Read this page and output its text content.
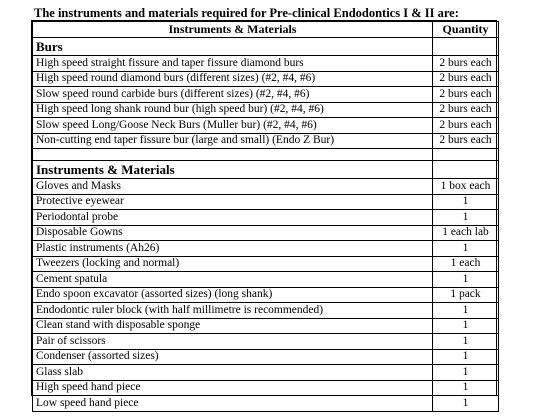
The instruments and materials required for Pre-clinical Endodontics I & II are:
Instruments & Materials	Quantity
Burs	
High speed straight fissure and taper fissure diamond burs	2 burs each
High speed round diamond burs (different sizes) (#2, #4, #6)	2 burs each
Slow speed round carbide burs (different sizes) (#2, #4, #6)	2 burs each
High speed long shank round bur (high speed bur) (#2, #4, #6)	2 burs each
Slow speed Long/Goose Neck Burs (Muller bur) (#2, #4, #6)	2 burs each
Non-cutting end taper fissure bur (large and small) (Endo Z Bur)	2 burs each

Instruments & Materials	
Gloves and Masks	1 box each
Protective eyewear	1
Periodontal probe	1
Disposable Gowns	1 each lab
Plastic instruments (Ah26)	1
Tweezers (locking and normal)	1 each
Cement spatula	1
Endo spoon excavator (assorted sizes) (long shank)	1 pack
Endodontic ruler block (with half millimetre is recommended)	1
Clean stand with disposable sponge	1
Pair of scissors	1
Condenser (assorted sizes)	1
Glass slab	1
High speed hand piece	1
Low speed hand piece	1
